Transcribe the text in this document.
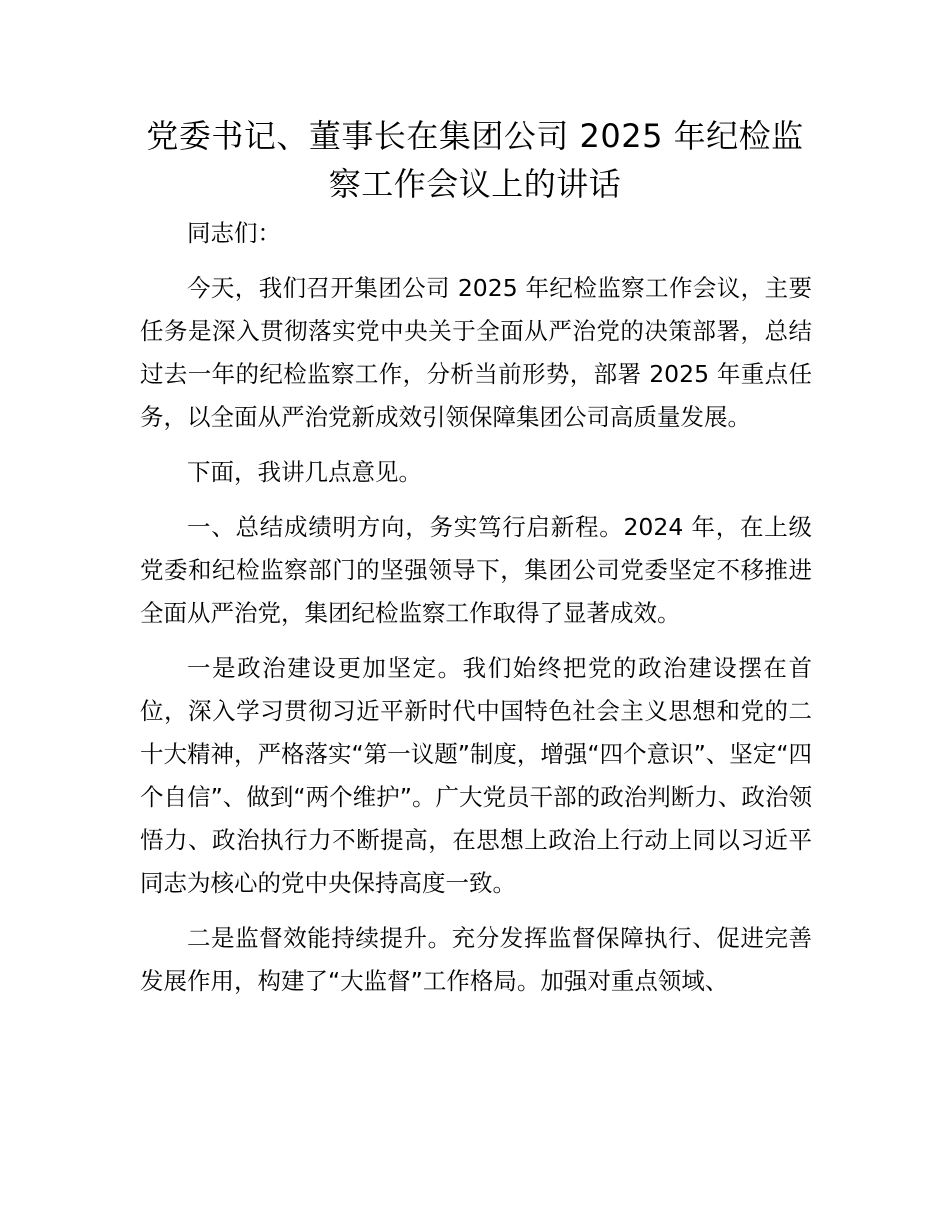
党委书记、董事长在集团公司 2025 年纪检监
察工作会议上的讲话

同志们：

今天，我们召开集团公司 2025 年纪检监察工作会议，主要任务是深入贯彻落实党中央关于全面从严治党的决策部署，总结过去一年的纪检监察工作，分析当前形势，部署 2025 年重点任务，以全面从严治党新成效引领保障集团公司高质量发展。

下面，我讲几点意见。

一、总结成绩明方向，务实笃行启新程。2024 年，在上级党委和纪检监察部门的坚强领导下，集团公司党委坚定不移推进全面从严治党，集团纪检监察工作取得了显著成效。

一是政治建设更加坚定。我们始终把党的政治建设摆在首位，深入学习贯彻习近平新时代中国特色社会主义思想和党的二十大精神，严格落实“第一议题”制度，增强“四个意识”、坚定“四个自信”、做到“两个维护”。广大党员干部的政治判断力、政治领悟力、政治执行力不断提高，在思想上政治上行动上同以习近平同志为核心的党中央保持高度一致。

二是监督效能持续提升。充分发挥监督保障执行、促进完善发展作用，构建了“大监督”工作格局。加强对重点领域、
